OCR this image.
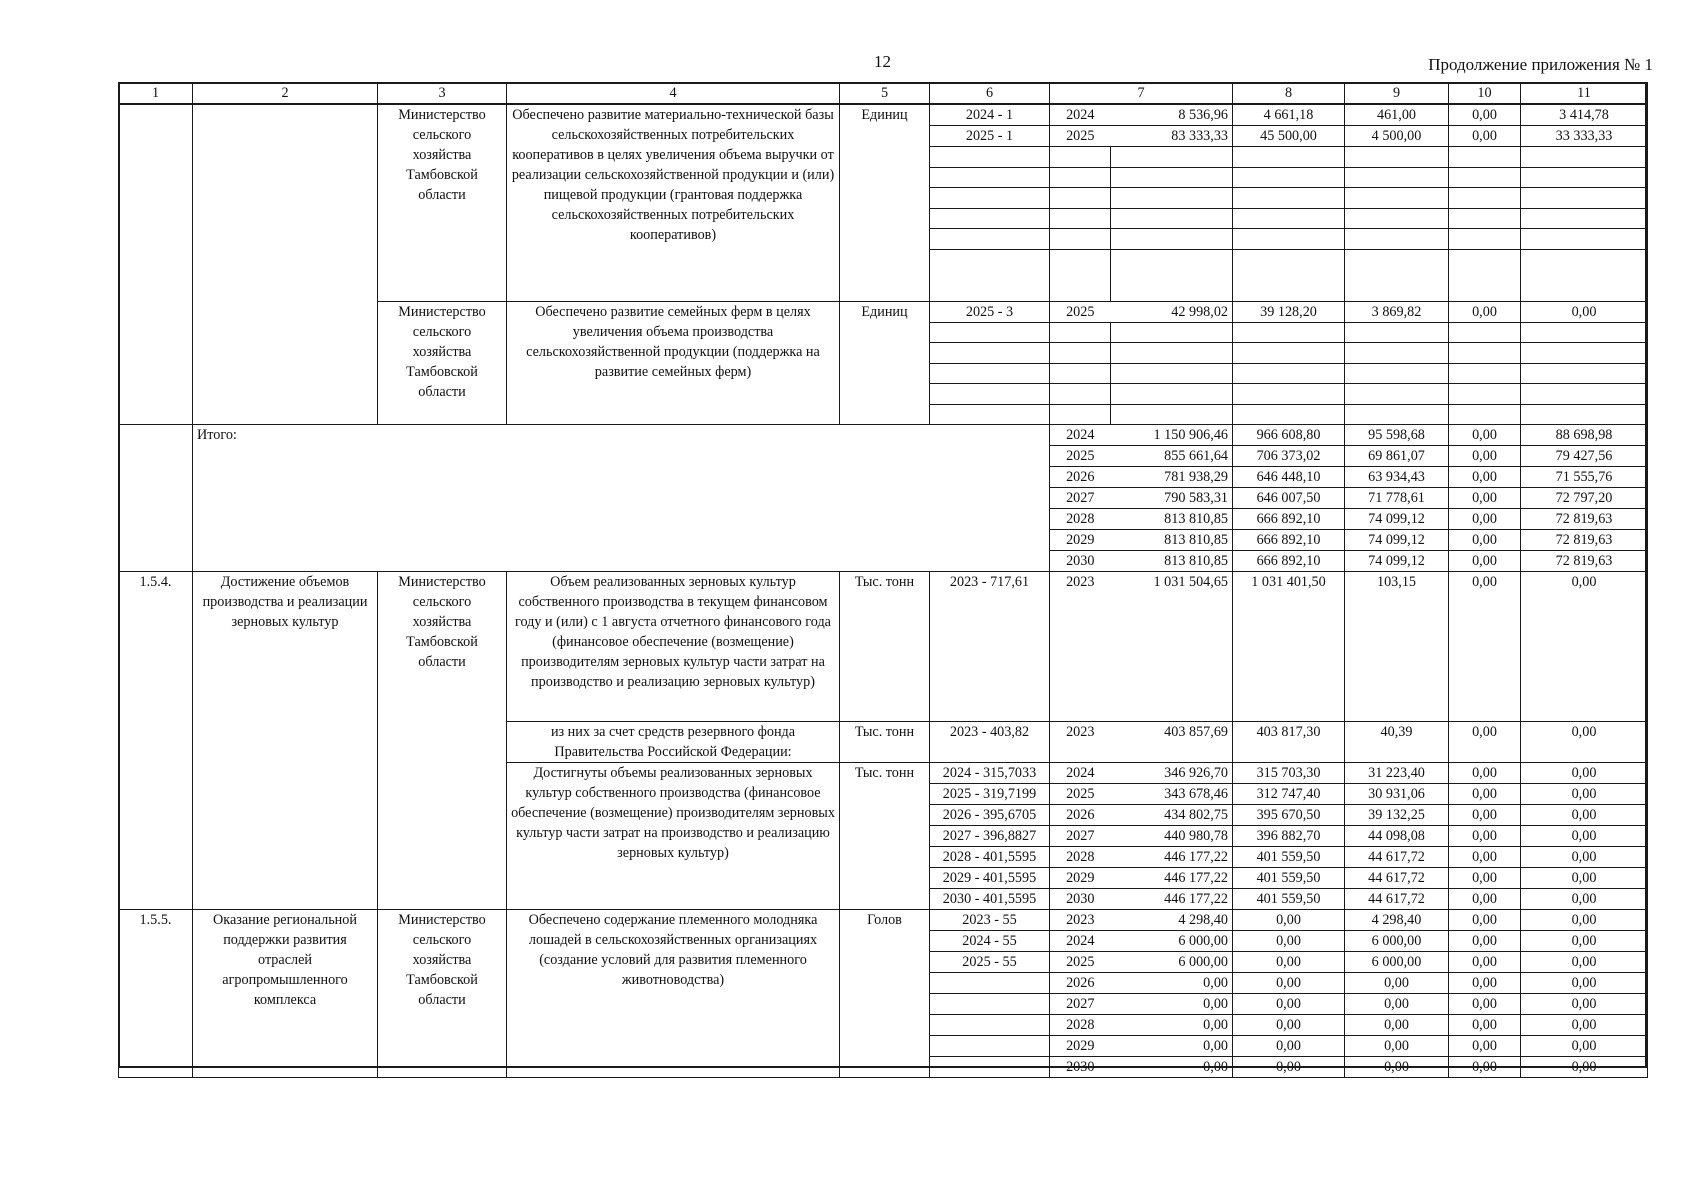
12	Продолжение приложения № 1
1	2	3	4	5	6	7		8	9	10	11	
		Министерство сельского хозяйства Тамбовской области	Обеспечено развитие материально-технической базы сельскохозяйственных потребительских кооперативов в целях увеличения объема выручки от реализации сельскохозяйственной продукции и (или) пищевой продукции (грантовая поддержка сельскохозяйственных потребительских кооперативов)	Единиц	2024 - 1	2024	8 536,96	4 661,18	461,00	0,00	3 414,78	
					2025 - 1	2025	83 333,33	45 500,00	4 500,00	0,00	33 333,33	

		Министерство сельского хозяйства Тамбовской области	Обеспечено развитие семейных ферм в целях увеличения объема производства сельскохозяйственной продукции (поддержка на развитие семейных ферм)	Единиц	2025 - 3	2025	42 998,02	39 128,20	3 869,82	0,00	0,00	

	Итого:					2024	1 150 906,46	966 608,80	95 598,68	0,00	88 698,98	
						2025	855 661,64	706 373,02	69 861,07	0,00	79 427,56	
						2026	781 938,29	646 448,10	63 934,43	0,00	71 555,76	
						2027	790 583,31	646 007,50	71 778,61	0,00	72 797,20	
						2028	813 810,85	666 892,10	74 099,12	0,00	72 819,63	
						2029	813 810,85	666 892,10	74 099,12	0,00	72 819,63	
						2030	813 810,85	666 892,10	74 099,12	0,00	72 819,63	
1.5.4.	Достижение объемов производства и реализации зерновых культур	Министерство сельского хозяйства Тамбовской области	Объем реализованных зерновых культур собственного производства в текущем финансовом году и (или) с 1 августа отчетного финансового года (финансовое обеспечение (возмещение) производителям зерновых культур части затрат на производство и реализацию зерновых культур)	Тыс. тонн	2023 - 717,61	2023	1 031 504,65	1 031 401,50	103,15	0,00	0,00	
			из них за счет средств резервного фонда Правительства Российской Федерации:	Тыс. тонн	2023 - 403,82	2023	403 857,69	403 817,30	40,39	0,00	0,00	
			Достигнуты объемы реализованных зерновых культур собственного производства (финансовое обеспечение (возмещение) производителям зерновых культур части затрат на производство и реализацию зерновых культур)	Тыс. тонн	2024 - 315,7033	2024	346 926,70	315 703,30	31 223,40	0,00	0,00	
					2025 - 319,7199	2025	343 678,46	312 747,40	30 931,06	0,00	0,00	
					2026 - 395,6705	2026	434 802,75	395 670,50	39 132,25	0,00	0,00	
					2027 - 396,8827	2027	440 980,78	396 882,70	44 098,08	0,00	0,00	
					2028 - 401,5595	2028	446 177,22	401 559,50	44 617,72	0,00	0,00	
					2029 - 401,5595	2029	446 177,22	401 559,50	44 617,72	0,00	0,00	
					2030 - 401,5595	2030	446 177,22	401 559,50	44 617,72	0,00	0,00	
1.5.5.	Оказание региональной поддержки развития отраслей агропромышленного комплекса	Министерство сельского хозяйства Тамбовской области	Обеспечено содержание племенного молодняка лошадей в сельскохозяйственных организациях (создание условий для развития племенного животноводства)	Голов	2023 - 55	2023	4 298,40	0,00	4 298,40	0,00	0,00	
					2024 - 55	2024	6 000,00	0,00	6 000,00	0,00	0,00	
					2025 - 55	2025	6 000,00	0,00	6 000,00	0,00	0,00	
						2026	0,00	0,00	0,00	0,00	0,00	
						2027	0,00	0,00	0,00	0,00	0,00	
						2028	0,00	0,00	0,00	0,00	0,00	
						2029	0,00	0,00	0,00	0,00	0,00	
						2030	0,00	0,00	0,00	0,00	0,00	
